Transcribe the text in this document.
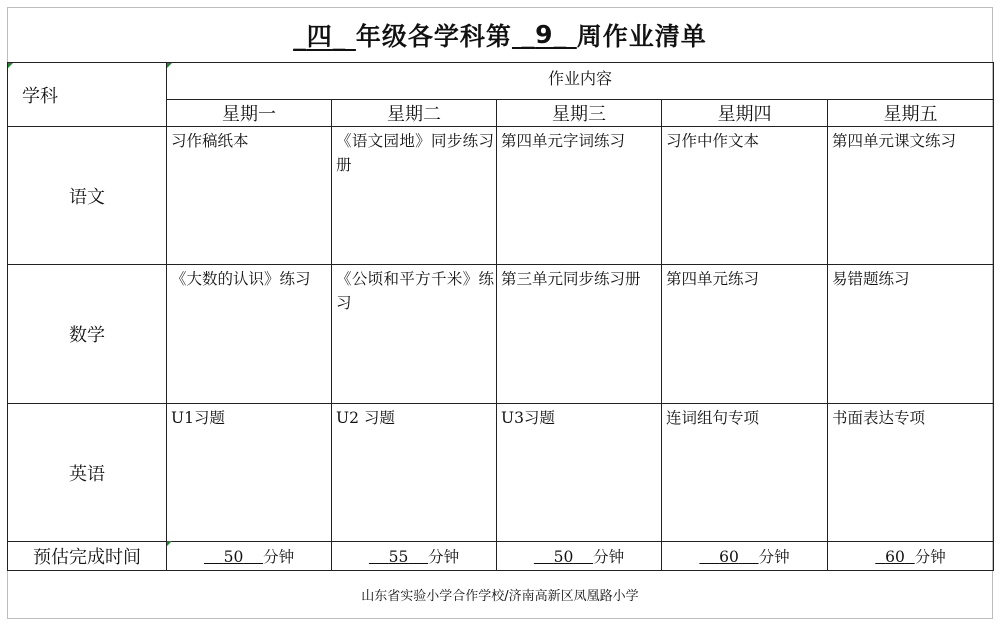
_四_ 年级各学科第 _9_ 周作业清单
学科	作业内容				
	星期一	星期二	星期三	星期四	星期五
语文	习作稿纸本	《语文园地》同步练习册	第四单元字词练习	习作中作文本	第四单元课文练习
数学	《大数的认识》练习	《公顷和平方千米》练习	第三单元同步练习册	第四单元练习	易错题练习
英语	U1习题	U2 习题	U3习题	连词组句专项	书面表达专项
预估完成时间	50 分钟	55 分钟	50 分钟	60 分钟	60 分钟
山东省实验小学合作学校/济南高新区凤凰路小学
